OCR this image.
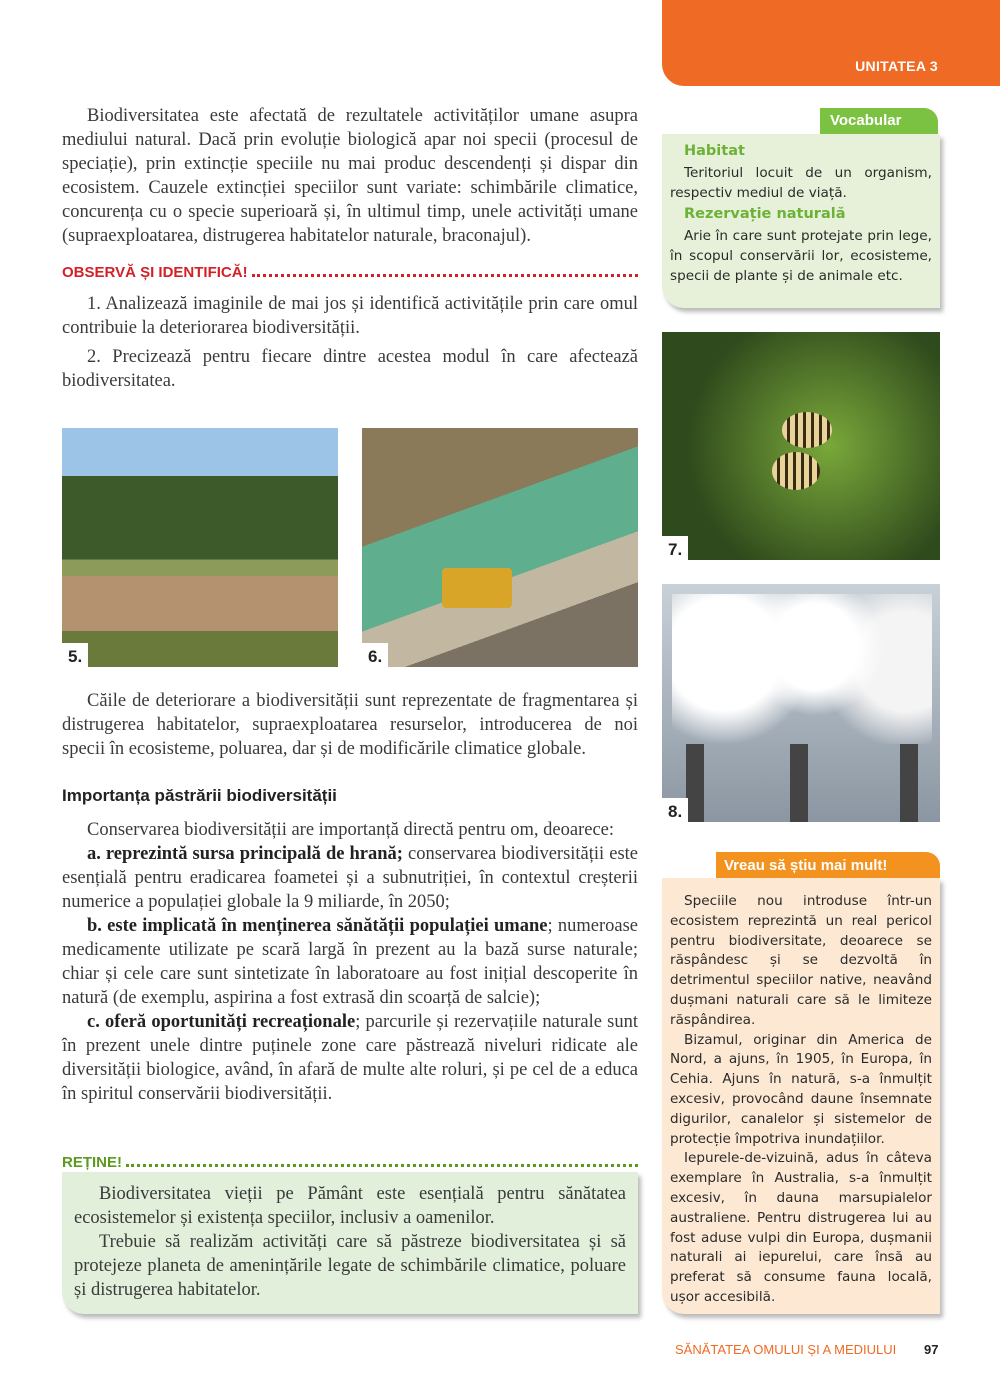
UNITATEA 3

Biodiversitatea este afectată de rezultatele activităților umane asupra mediului natural. Dacă prin evoluție biologică apar noi specii (procesul de speciație), prin extincție speciile nu mai produc descendenți și dispar din ecosistem. Cauzele extincției speciilor sunt variate: schimbările climatice, concurența cu o specie superioară și, în ultimul timp, unele activități umane (supraexploatarea, distrugerea habitatelor naturale, braconajul).

OBSERVĂ ȘI IDENTIFICĂ!

1. Analizează imaginile de mai jos și identifică activitățile prin care omul contribuie la deteriorarea biodiversității.

2. Precizează pentru fiecare dintre acestea modul în care afectează biodiversitatea.

5.	6.
7.
8.

Căile de deteriorare a biodiversității sunt reprezentate de fragmentarea și distrugerea habitatelor, supraexploatarea resurselor, introducerea de noi specii în ecosisteme, poluarea, dar și de modificările climatice globale.

Importanța păstrării biodiversității

Conservarea biodiversității are importanță directă pentru om, deoarece:

a. reprezintă sursa principală de hrană; conservarea biodiversității este esențială pentru eradicarea foametei și a subnutriției, în contextul creșterii numerice a populației globale la 9 miliarde, în 2050;

b. este implicată în menținerea sănătății populației umane; numeroase medicamente utilizate pe scară largă în prezent au la bază surse naturale; chiar și cele care sunt sintetizate în laboratoare au fost inițial descoperite în natură (de exemplu, aspirina a fost extrasă din scoarță de salcie);

c. oferă oportunități recreaționale; parcurile și rezervațiile naturale sunt în prezent unele dintre puținele zone care păstrează niveluri ridicate ale diversității biologice, având, în afară de multe alte roluri, și pe cel de a educa în spiritul conservării biodiversității.

REȚINE!

Biodiversitatea vieții pe Pământ este esențială pentru sănătatea ecosistemelor și existența speciilor, inclusiv a oamenilor.

Trebuie să realizăm activități care să păstreze biodiversitatea și să protejeze planeta de amenințările legate de schimbările climatice, poluare și distrugerea habitatelor.

Vocabular
Habitat
Teritoriul locuit de un organism, respectiv mediul de viață.
Rezervație naturală
Arie în care sunt protejate prin lege, în scopul conservării lor, ecosisteme, specii de plante și de animale etc.
Vreau să știu mai mult!

Speciile nou introduse într-un ecosistem reprezintă un real pericol pentru biodiversitate, deoarece se răspândesc și se dezvoltă în detrimentul speciilor native, neavând dușmani naturali care să le limiteze răspândirea.

Bizamul, originar din America de Nord, a ajuns, în 1905, în Europa, în Cehia. Ajuns în natură, s-a înmulțit excesiv, provocând daune însemnate digurilor, canalelor și sistemelor de protecție împotriva inundațiilor.

Iepurele-de-vizuină, adus în câteva exemplare în Australia, s-a înmulțit excesiv, în dauna marsupialelor australiene. Pentru distrugerea lui au fost aduse vulpi din Europa, dușmanii naturali ai iepurelui, care însă au preferat să consume fauna locală, ușor accesibilă.

SĂNĂTATEA OMULUI ȘI A MEDIULUI 97
